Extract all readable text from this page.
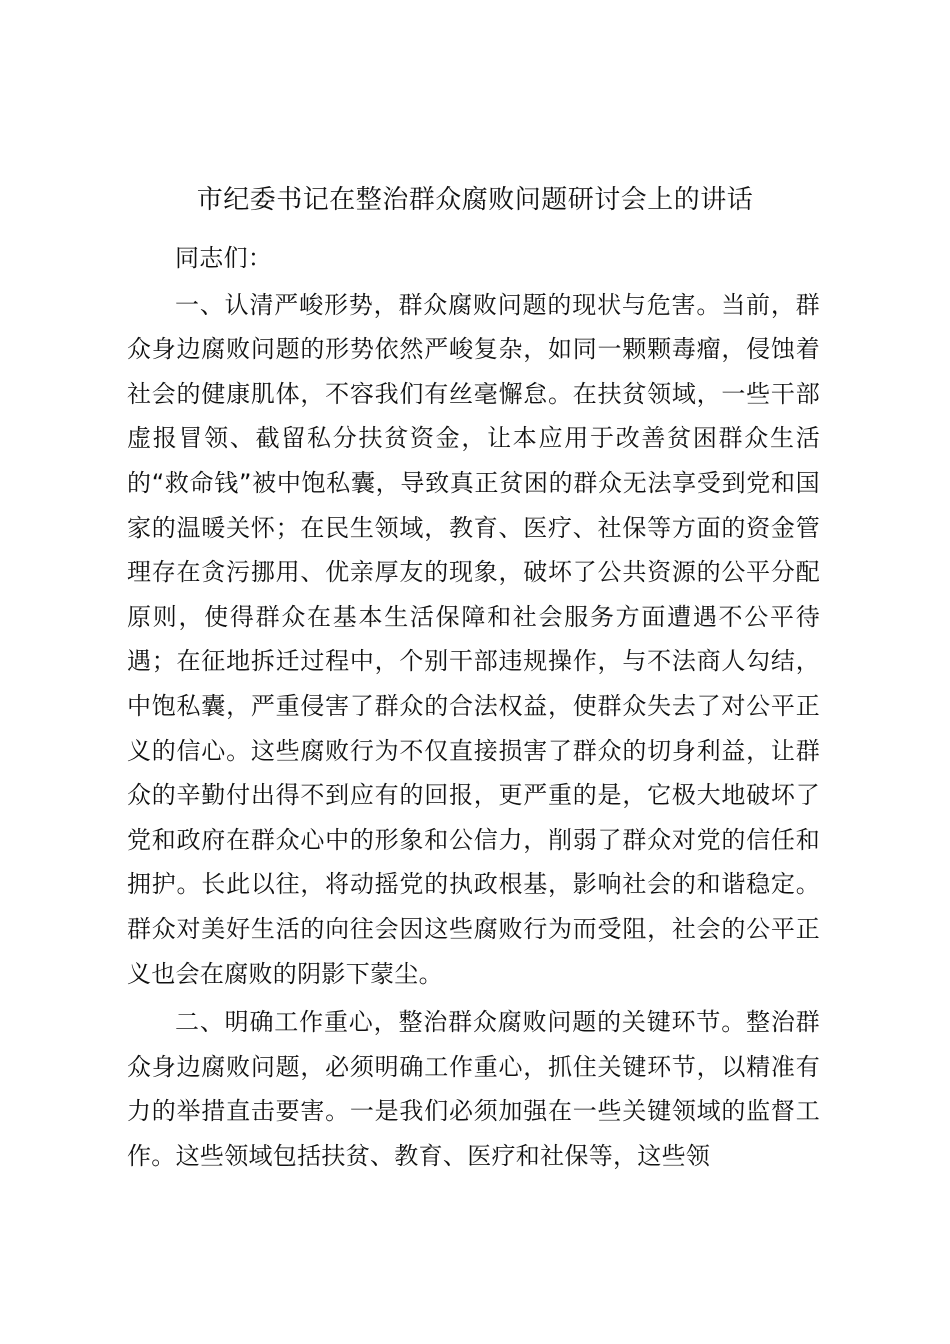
市纪委书记在整治群众腐败问题研讨会上的讲话

同志们：

一、认清严峻形势，群众腐败问题的现状与危害。当前，群众身边腐败问题的形势依然严峻复杂，如同一颗颗毒瘤，侵蚀着社会的健康肌体，不容我们有丝毫懈怠。在扶贫领域，一些干部虚报冒领、截留私分扶贫资金，让本应用于改善贫困群众生活的“救命钱”被中饱私囊，导致真正贫困的群众无法享受到党和国家的温暖关怀；在民生领域，教育、医疗、社保等方面的资金管理存在贪污挪用、优亲厚友的现象，破坏了公共资源的公平分配原则，使得群众在基本生活保障和社会服务方面遭遇不公平待遇；在征地拆迁过程中，个别干部违规操作，与不法商人勾结，中饱私囊，严重侵害了群众的合法权益，使群众失去了对公平正义的信心。这些腐败行为不仅直接损害了群众的切身利益，让群众的辛勤付出得不到应有的回报，更严重的是，它极大地破坏了党和政府在群众心中的形象和公信力，削弱了群众对党的信任和拥护。长此以往，将动摇党的执政根基，影响社会的和谐稳定。群众对美好生活的向往会因这些腐败行为而受阻，社会的公平正义也会在腐败的阴影下蒙尘。

二、明确工作重心，整治群众腐败问题的关键环节。整治群众身边腐败问题，必须明确工作重心，抓住关键环节，以精准有力的举措直击要害。一是我们必须加强在一些关键领域的监督工作。这些领域包括扶贫、教育、医疗和社保等，这些领
